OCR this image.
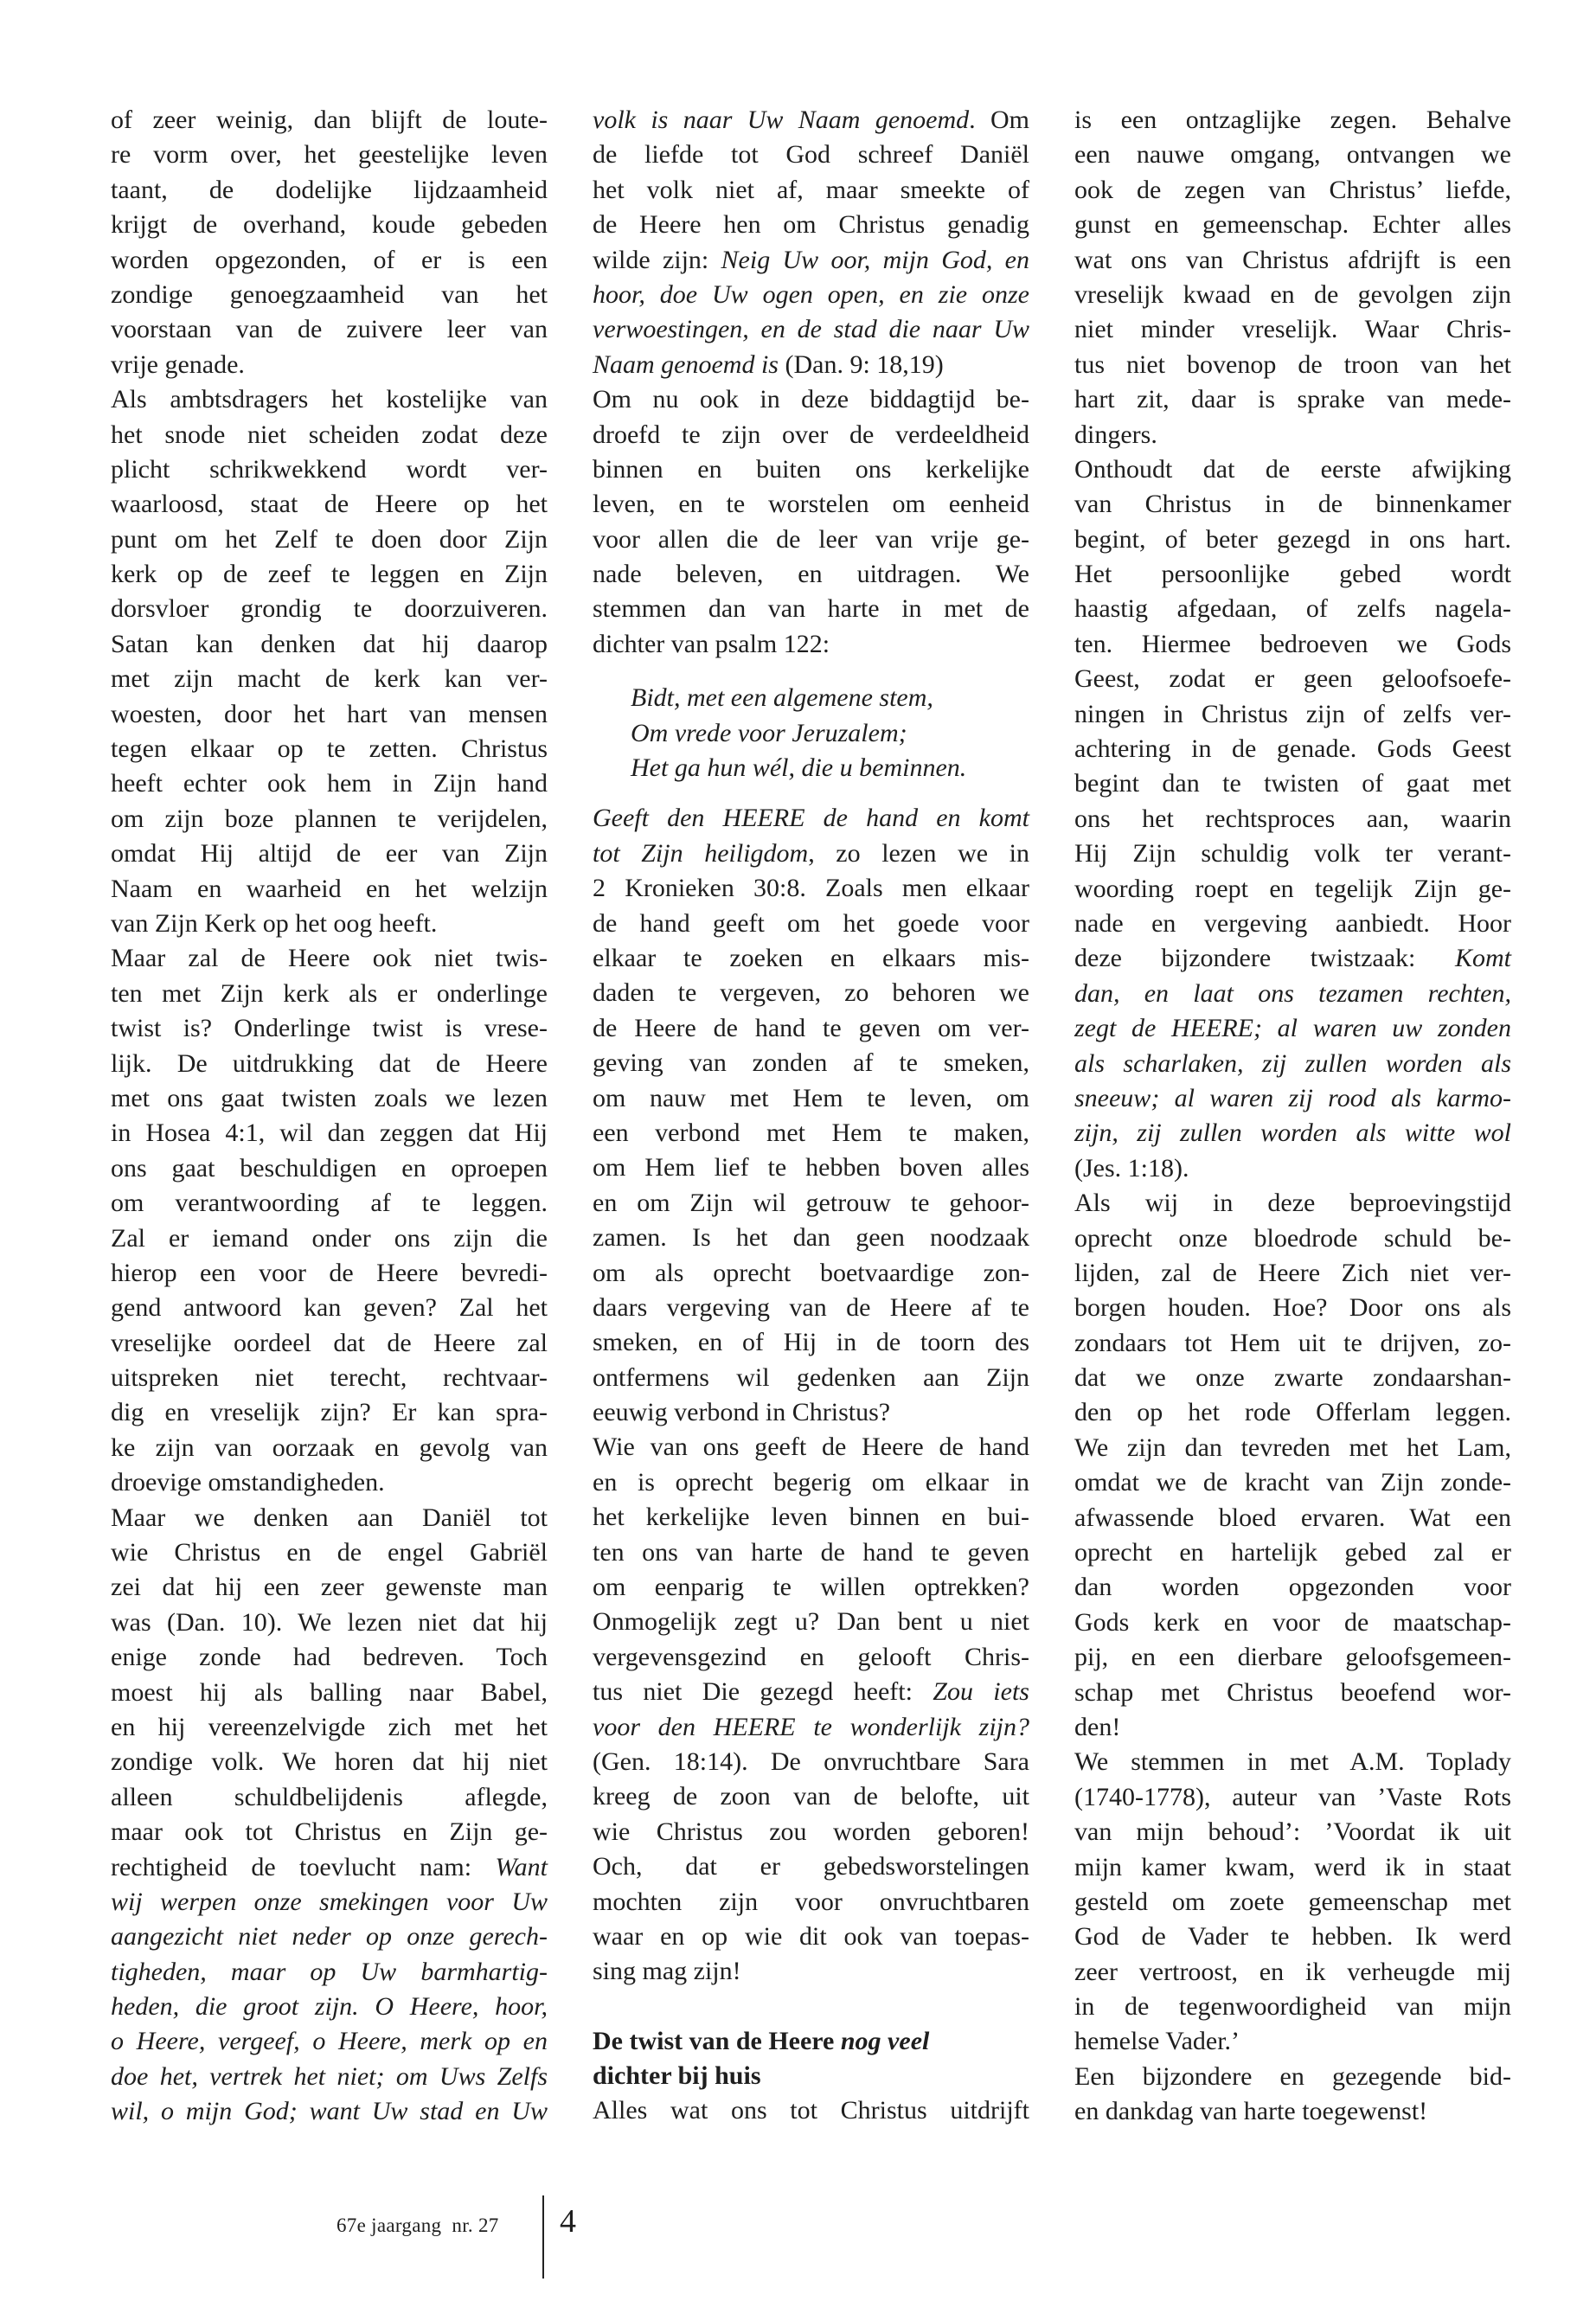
of zeer weinig, dan blijft de loute-
re vorm over, het geestelijke leven
taant, de dodelijke lijdzaamheid
krijgt de overhand, koude gebeden
worden opgezonden, of er is een
zondige genoegzaamheid van het
voorstaan van de zuivere leer van
vrije genade.
Als ambtsdragers het kostelijke van
het snode niet scheiden zodat deze
plicht schrikwekkend wordt ver-
waarloosd, staat de Heere op het
punt om het Zelf te doen door Zijn
kerk op de zeef te leggen en Zijn
dorsvloer grondig te doorzuiveren.
Satan kan denken dat hij daarop
met zijn macht de kerk kan ver-
woesten, door het hart van mensen
tegen elkaar op te zetten. Christus
heeft echter ook hem in Zijn hand
om zijn boze plannen te verijdelen,
omdat Hij altijd de eer van Zijn
Naam en waarheid en het welzijn
van Zijn Kerk op het oog heeft.
Maar zal de Heere ook niet twis-
ten met Zijn kerk als er onderlinge
twist is? Onderlinge twist is vrese-
lijk. De uitdrukking dat de Heere
met ons gaat twisten zoals we lezen
in Hosea 4:1, wil dan zeggen dat Hij
ons gaat beschuldigen en oproepen
om verantwoording af te leggen.
Zal er iemand onder ons zijn die
hierop een voor de Heere bevredi-
gend antwoord kan geven? Zal het
vreselijke oordeel dat de Heere zal
uitspreken niet terecht, rechtvaar-
dig en vreselijk zijn? Er kan spra-
ke zijn van oorzaak en gevolg van
droevige omstandigheden.
Maar we denken aan Daniël tot
wie Christus en de engel Gabriël
zei dat hij een zeer gewenste man
was (Dan. 10). We lezen niet dat hij
enige zonde had bedreven. Toch
moest hij als balling naar Babel,
en hij vereenzelvigde zich met het
zondige volk. We horen dat hij niet
alleen schuldbelijdenis aflegde,
maar ook tot Christus en Zijn ge-
rechtigheid de toevlucht nam: Want
wij werpen onze smekingen voor Uw
aangezicht niet neder op onze gerech-
tigheden, maar op Uw barmhartig-
heden, die groot zijn. O Heere, hoor,
o Heere, vergeef, o Heere, merk op en
doe het, vertrek het niet; om Uws Zelfs
wil, o mijn God; want Uw stad en Uw
volk is naar Uw Naam genoemd. Om
de liefde tot God schreef Daniël
het volk niet af, maar smeekte of
de Heere hen om Christus genadig
wilde zijn: Neig Uw oor, mijn God, en
hoor, doe Uw ogen open, en zie onze
verwoestingen, en de stad die naar Uw
Naam genoemd is (Dan. 9: 18,19)
Om nu ook in deze biddagtijd be-
droefd te zijn over de verdeeldheid
binnen en buiten ons kerkelijke
leven, en te worstelen om eenheid
voor allen die de leer van vrije ge-
nade beleven, en uitdragen. We
stemmen dan van harte in met de
dichter van psalm 122:
Bidt, met een algemene stem,
Om vrede voor Jeruzalem;
Het ga hun wél, die u beminnen.
Geeft den HEERE de hand en komt
tot Zijn heiligdom, zo lezen we in
2 Kronieken 30:8. Zoals men elkaar
de hand geeft om het goede voor
elkaar te zoeken en elkaars mis-
daden te vergeven, zo behoren we
de Heere de hand te geven om ver-
geving van zonden af te smeken,
om nauw met Hem te leven, om
een verbond met Hem te maken,
om Hem lief te hebben boven alles
en om Zijn wil getrouw te gehoor-
zamen. Is het dan geen noodzaak
om als oprecht boetvaardige zon-
daars vergeving van de Heere af te
smeken, en of Hij in de toorn des
ontfermens wil gedenken aan Zijn
eeuwig verbond in Christus?
Wie van ons geeft de Heere de hand
en is oprecht begerig om elkaar in
het kerkelijke leven binnen en bui-
ten ons van harte de hand te geven
om eenparig te willen optrekken?
Onmogelijk zegt u? Dan bent u niet
vergevensgezind en gelooft Chris-
tus niet Die gezegd heeft: Zou iets
voor den HEERE te wonderlijk zijn?
(Gen. 18:14). De onvruchtbare Sara
kreeg de zoon van de belofte, uit
wie Christus zou worden geboren!
Och, dat er gebedsworstelingen
mochten zijn voor onvruchtbaren
waar en op wie dit ook van toepas-
sing mag zijn!
De twist van de Heere nog veel
dichter bij huis
Alles wat ons tot Christus uitdrijft
is een ontzaglijke zegen. Behalve
een nauwe omgang, ontvangen we
ook de zegen van Christus’ liefde,
gunst en gemeenschap. Echter alles
wat ons van Christus afdrijft is een
vreselijk kwaad en de gevolgen zijn
niet minder vreselijk. Waar Chris-
tus niet bovenop de troon van het
hart zit, daar is sprake van mede-
dingers.
Onthoudt dat de eerste afwijking
van Christus in de binnenkamer
begint, of beter gezegd in ons hart.
Het persoonlijke gebed wordt
haastig afgedaan, of zelfs nagela-
ten. Hiermee bedroeven we Gods
Geest, zodat er geen geloofsoefe-
ningen in Christus zijn of zelfs ver-
achtering in de genade. Gods Geest
begint dan te twisten of gaat met
ons het rechtsproces aan, waarin
Hij Zijn schuldig volk ter verant-
woording roept en tegelijk Zijn ge-
nade en vergeving aanbiedt. Hoor
deze bijzondere twistzaak: Komt
dan, en laat ons tezamen rechten,
zegt de HEERE; al waren uw zonden
als scharlaken, zij zullen worden als
sneeuw; al waren zij rood als karmo-
zijn, zij zullen worden als witte wol
(Jes. 1:18).
Als wij in deze beproevingstijd
oprecht onze bloedrode schuld be-
lijden, zal de Heere Zich niet ver-
borgen houden. Hoe? Door ons als
zondaars tot Hem uit te drijven, zo-
dat we onze zwarte zondaarshan-
den op het rode Offerlam leggen.
We zijn dan tevreden met het Lam,
omdat we de kracht van Zijn zonde-
afwassende bloed ervaren. Wat een
oprecht en hartelijk gebed zal er
dan worden opgezonden voor
Gods kerk en voor de maatschap-
pij, en een dierbare geloofsgemeen-
schap met Christus beoefend wor-
den!
We stemmen in met A.M. Toplady
(1740-1778), auteur van ’Vaste Rots
van mijn behoud’: ’Voordat ik uit
mijn kamer kwam, werd ik in staat
gesteld om zoete gemeenschap met
God de Vader te hebben. Ik werd
zeer vertroost, en ik verheugde mij
in de tegenwoordigheid van mijn
hemelse Vader.’
Een bijzondere en gezegende bid-
en dankdag van harte toegewenst!
67e jaargang  nr. 27 4
